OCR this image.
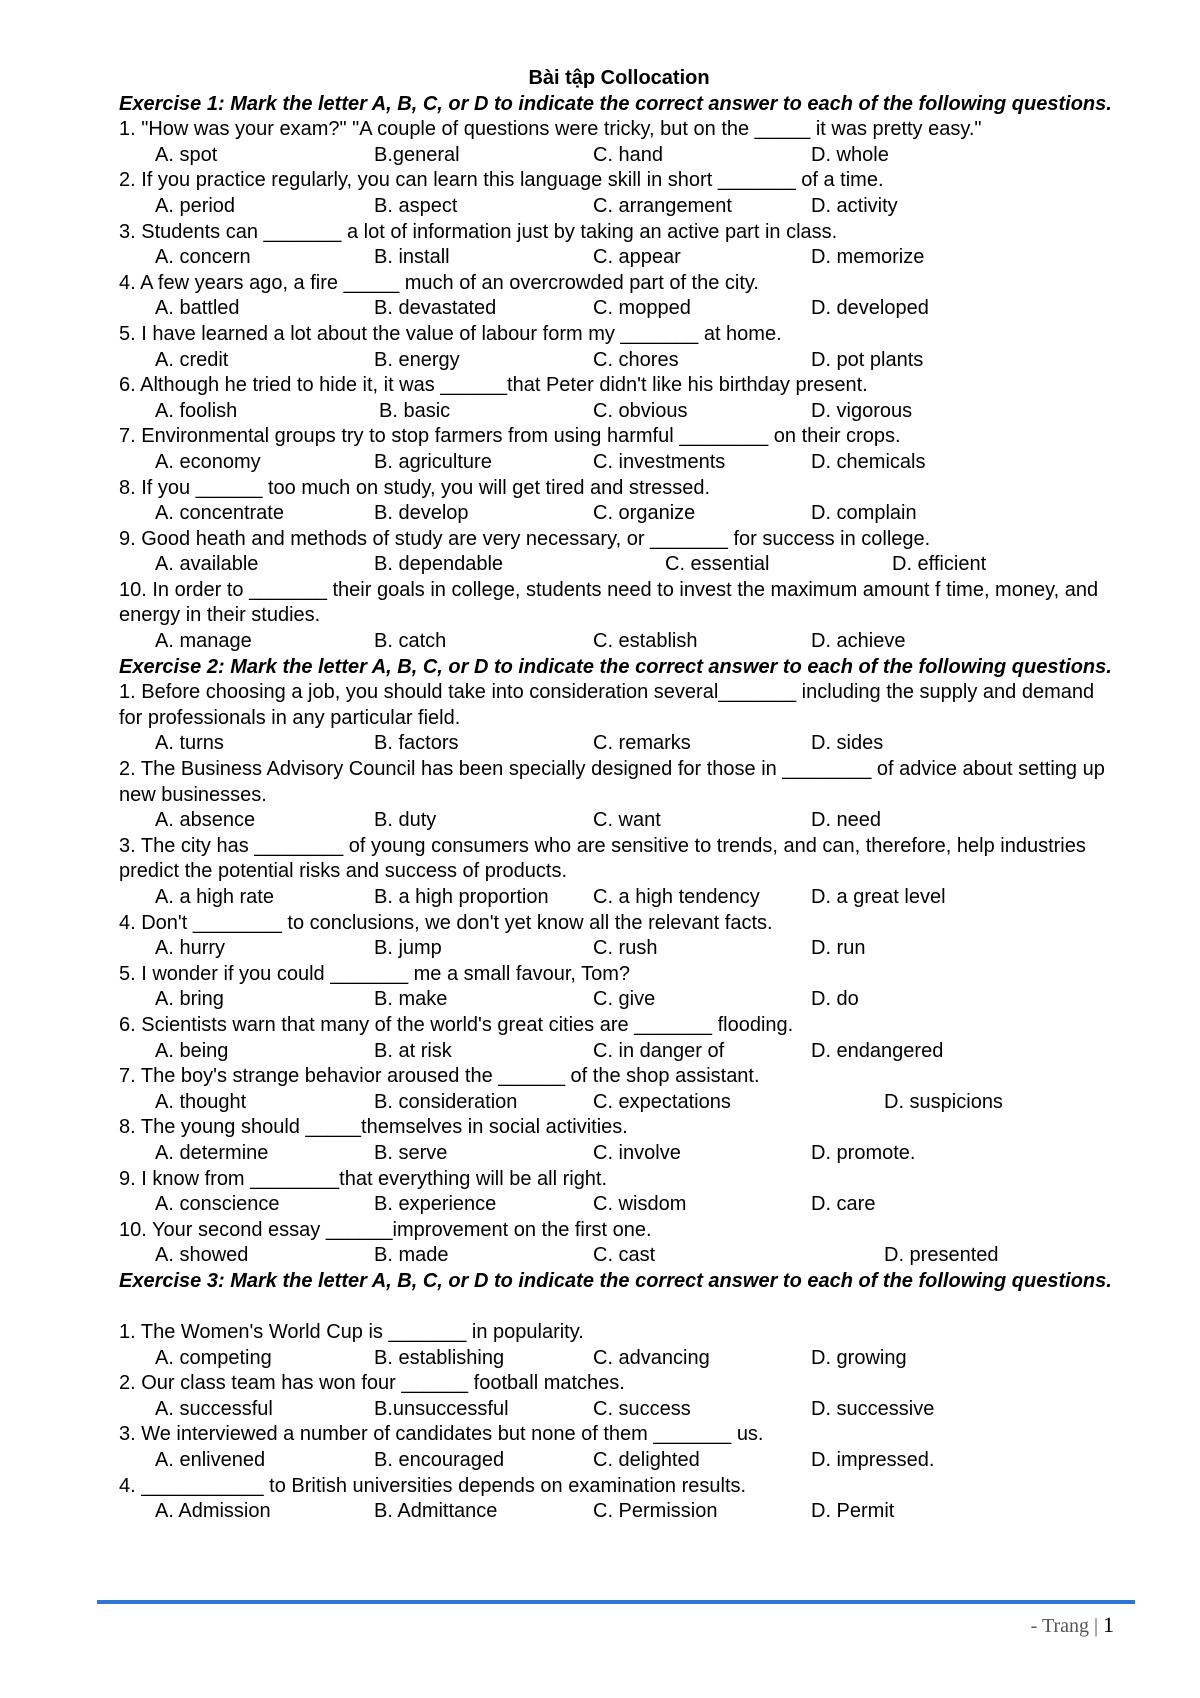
Bài tập Collocation
Exercise 1: Mark the letter A, B, C, or D to indicate the correct answer to each of the following questions.
1. "How was your exam?" "A couple of questions were tricky, but on the _____ it was pretty easy."
A. spot	B.general	C. hand	D. whole
2. If you practice regularly, you can learn this language skill in short _______ of a time.
A. period	B. aspect	C. arrangement	D. activity
3. Students can _______ a lot of information just by taking an active part in class.
A. concern	B. install	C. appear	D. memorize
4. A few years ago, a fire _____ much of an overcrowded part of the city.
A. battled	B. devastated	C. mopped	D. developed
5. I have learned a lot about the value of labour form my _______ at home.
A. credit	B. energy	C. chores	D. pot plants
6. Although he tried to hide it, it was ______that Peter didn't like his birthday present.
A. foolish	B. basic	C. obvious	D. vigorous
7. Environmental groups try to stop farmers from using harmful ________ on their crops.
A. economy	B. agriculture	C. investments	D. chemicals
8. If you ______ too much on study, you will get tired and stressed.
A. concentrate	B. develop	C. organize	D. complain
9. Good heath and methods of study are very necessary, or _______ for success in college.
A. available	B. dependable	C. essential	D. efficient
10. In order to _______ their goals in college, students need to invest the maximum amount f time, money, and energy in their studies.
A. manage	B. catch	C. establish	D. achieve
Exercise 2: Mark the letter A, B, C, or D to indicate the correct answer to each of the following questions.
1. Before choosing a job, you should take into consideration several_______ including the supply and demand for professionals in any particular field.
A. turns	B. factors	C. remarks	D. sides
2. The Business Advisory Council has been specially designed for those in ________ of advice about setting up new businesses.
A. absence	B. duty	C. want	D. need
3. The city has ________ of young consumers who are sensitive to trends, and can, therefore, help industries predict the potential risks and success of products.
A. a high rate	B. a high proportion C. a high tendency	D. a great level
4. Don't ________ to conclusions, we don't yet know all the relevant facts.
A. hurry	B. jump	C. rush	D. run
5. I wonder if you could _______ me a small favour, Tom?
A. bring	B. make	C. give	D. do
6. Scientists warn that many of the world's great cities are _______ flooding.
A. being	B. at risk	C. in danger of	D. endangered
7. The boy's strange behavior aroused the ______ of the shop assistant.
A. thought	B. consideration	C. expectations	D. suspicions
8. The young should _____themselves in social activities.
A. determine	B. serve	C. involve	D. promote.
9. I know from ________that everything will be all right.
A. conscience	B. experience	C. wisdom	D. care
10. Your second essay ______improvement on the first one.
A. showed	B. made	C. cast	D. presented
Exercise 3: Mark the letter A, B, C, or D to indicate the correct answer to each of the following questions.
1. The Women's World Cup is _______ in popularity.
A. competing	B. establishing	C. advancing	D. growing
2. Our class team has won four ______ football matches.
A. successful	B.unsuccessful	C. success	D. successive
3. We interviewed a number of candidates but none of them _______ us.
A. enlivened	B. encouraged	C. delighted	D. impressed.
4. ___________ to British universities depends on examination results.
A. Admission	B. Admittance	C. Permission	D. Permit
- Trang | 1
